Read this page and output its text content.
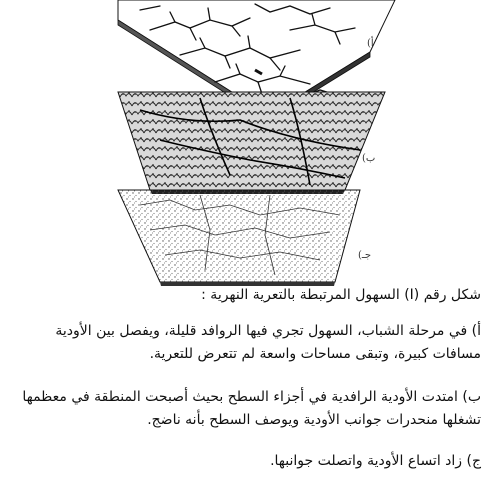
أ)
ب)
جـ)
شكل رقم (I) السهول المرتبطة بالتعرية النهرية :
أ) في مرحلة الشباب، السهول تجري فيها الروافد قليلة، ويفصل بين الأودية
مسافات كبيرة، وتبقى مساحات واسعة لم تتعرض للتعرية.
ب) امتدت الأودية الرافدية في أجزاء السطح بحيث أصبحت المنطقة في معظمها
تشغلها منحدرات جوانب الأودية ويوصف السطح بأنه ناضج.
ج) زاد اتساع الأودية واتصلت جوانبها.
